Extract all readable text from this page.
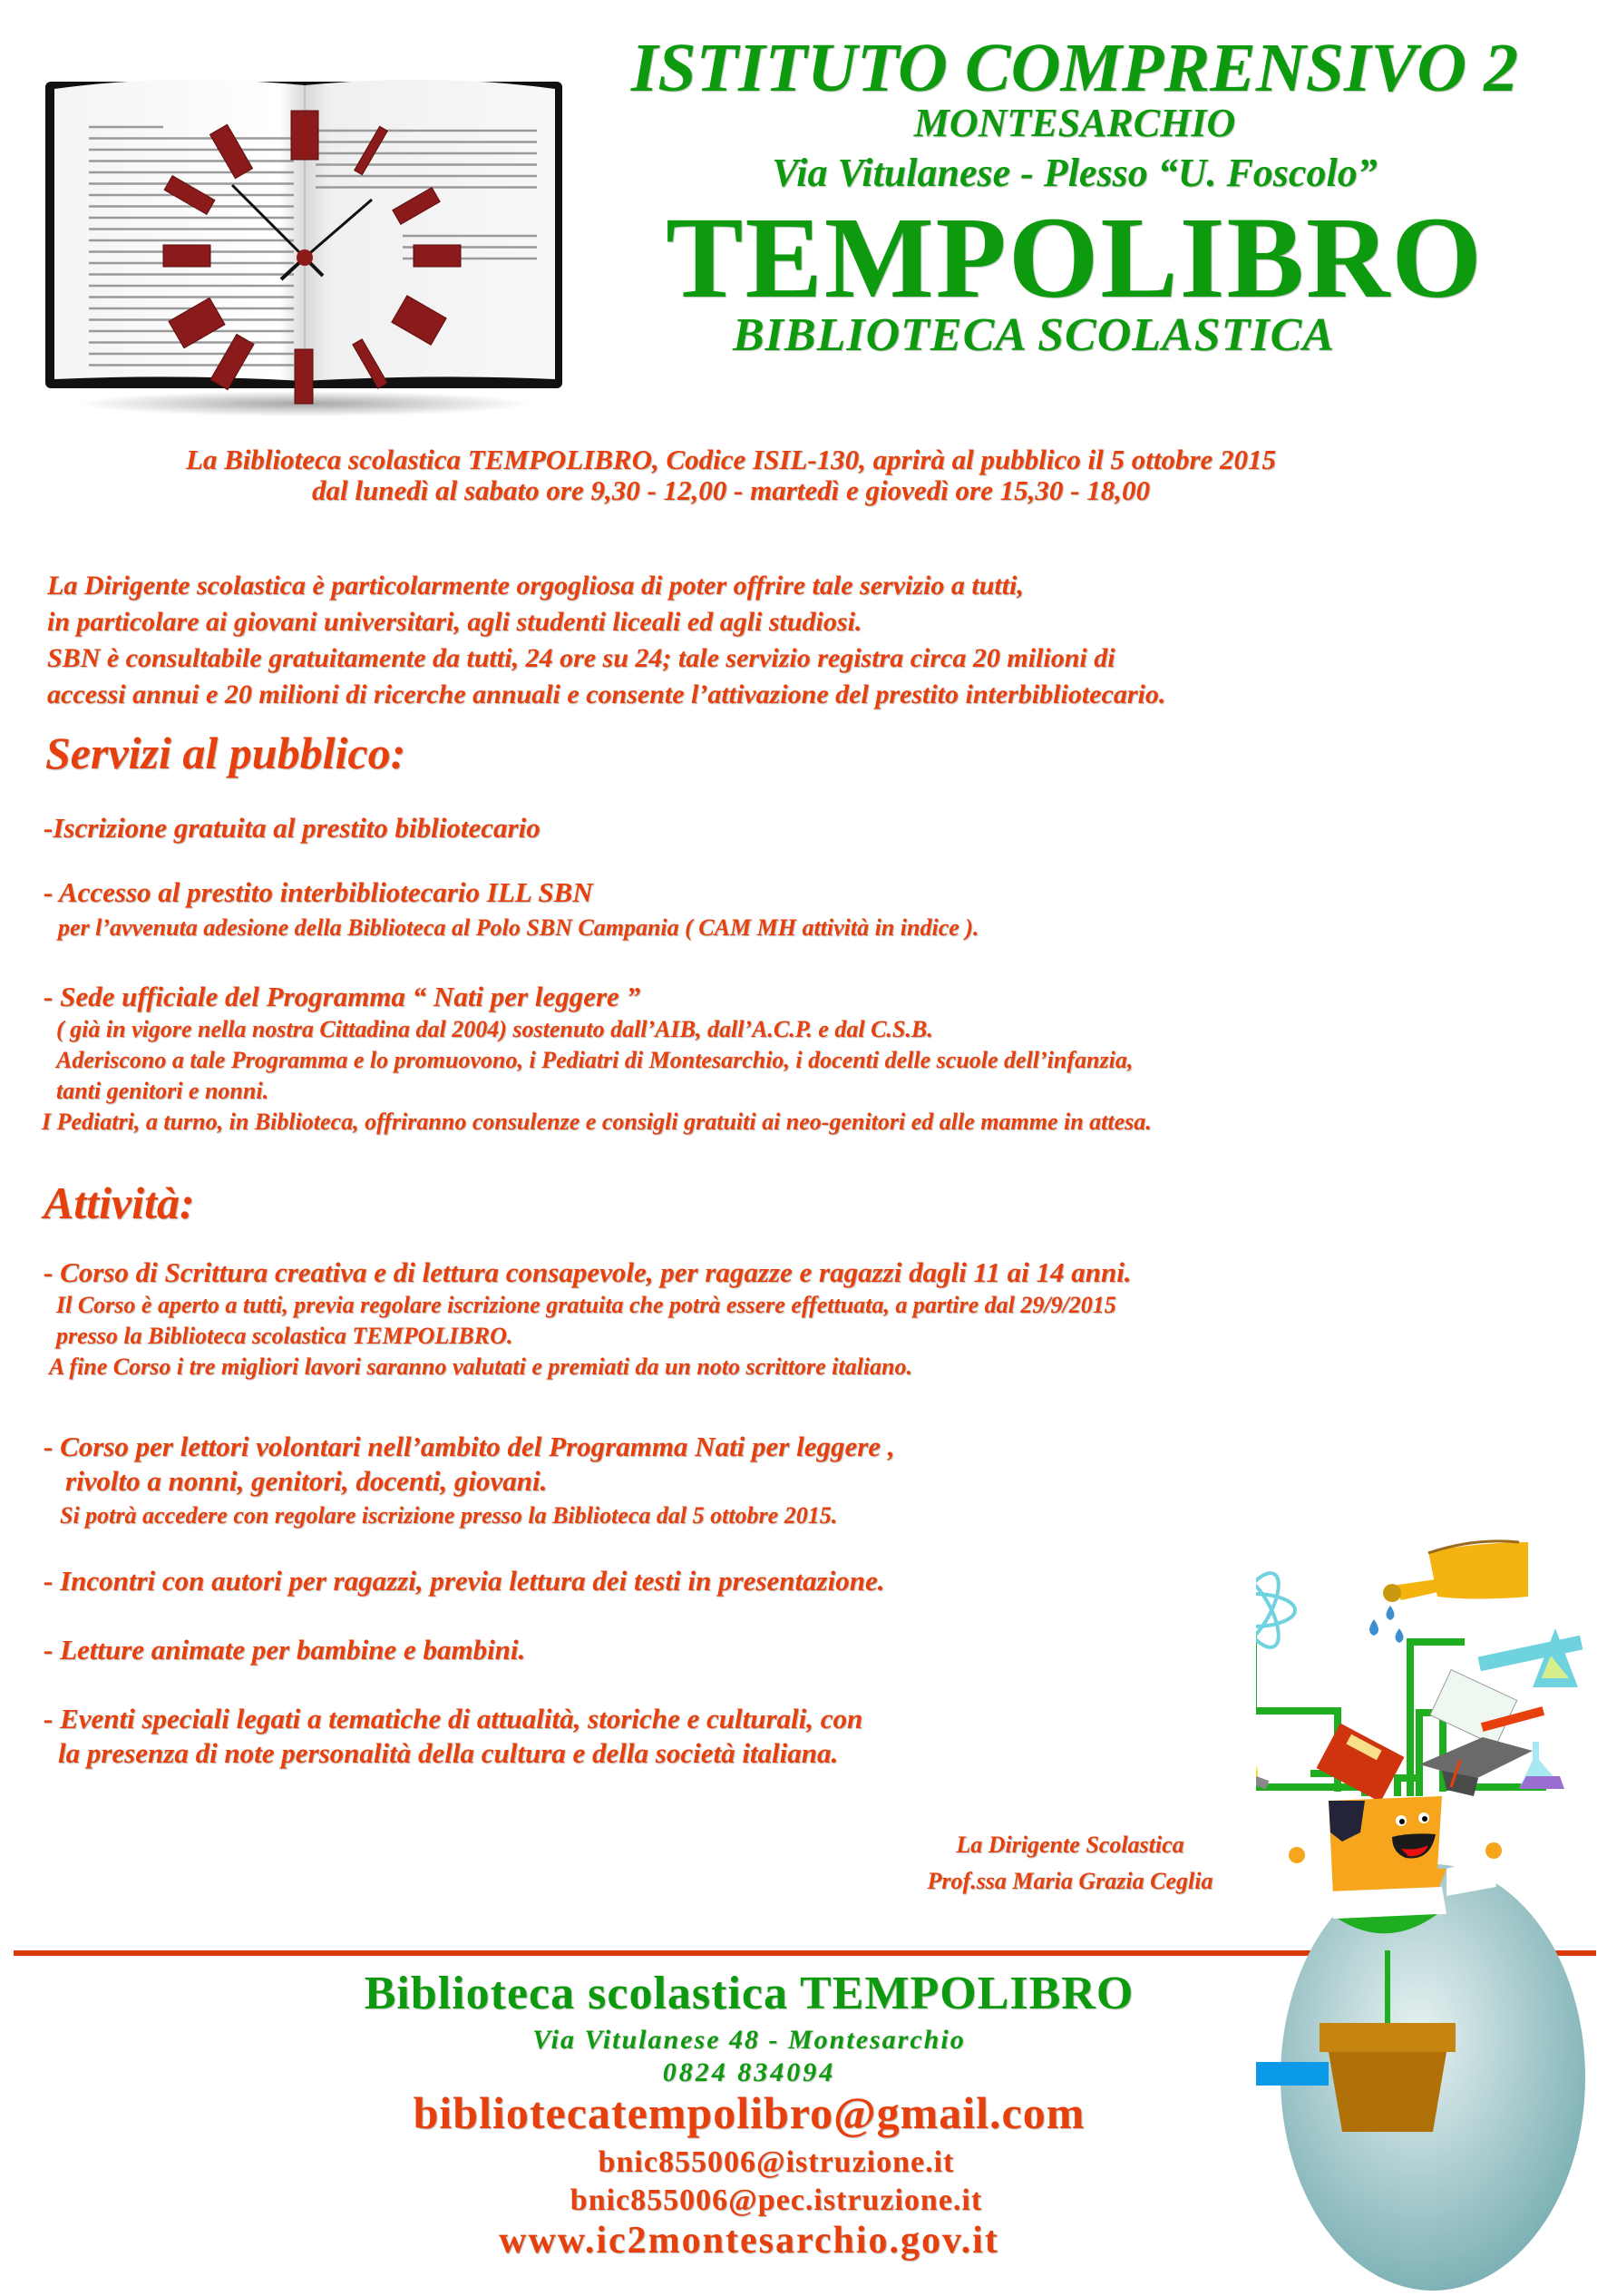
ISTITUTO COMPRENSIVO 2
MONTESARCHIO
Via Vitulanese - Plesso “U. Foscolo”
TEMPOLIBRO
BIBLIOTECA SCOLASTICA
La Biblioteca scolastica TEMPOLIBRO, Codice ISIL-130, aprirà al pubblico il 5 ottobre 2015
dal lunedì al sabato ore 9,30 - 12,00 - martedì e giovedì ore 15,30 - 18,00
La Dirigente scolastica è particolarmente orgogliosa di poter offrire tale servizio a tutti,
in particolare ai giovani universitari, agli studenti liceali ed agli studiosi.
SBN è consultabile gratuitamente da tutti, 24 ore su 24; tale servizio registra circa 20 milioni di
accessi annui e 20 milioni di ricerche annuali e consente l’attivazione del prestito interbibliotecario.
Servizi al pubblico:
-Iscrizione gratuita al prestito bibliotecario
- Accesso al prestito interbibliotecario ILL SBN
per l’avvenuta adesione della Biblioteca al Polo SBN Campania ( CAM MH attività in indice ).
- Sede ufficiale del Programma “ Nati per leggere ”
( già in vigore nella nostra Cittadina dal 2004) sostenuto dall’AIB, dall’A.C.P. e dal C.S.B.
Aderiscono a tale Programma e lo promuovono, i Pediatri di Montesarchio, i docenti delle scuole dell’infanzia,
tanti genitori e nonni.
I Pediatri, a turno, in Biblioteca, offriranno consulenze e consigli gratuiti ai neo-genitori ed alle mamme in attesa.
Attività:
- Corso di Scrittura creativa e di lettura consapevole, per ragazze e ragazzi dagli 11 ai 14 anni.
Il Corso è aperto a tutti, previa regolare iscrizione gratuita che potrà essere effettuata, a partire dal 29/9/2015
presso la Biblioteca scolastica TEMPOLIBRO.
A fine Corso i tre migliori lavori saranno valutati e premiati da un noto scrittore italiano.
- Corso per lettori volontari nell’ambito del Programma Nati per leggere ,
rivolto a nonni, genitori, docenti, giovani.
Si potrà accedere con regolare iscrizione presso la Biblioteca dal 5 ottobre 2015.
- Incontri con autori per ragazzi, previa lettura dei testi in presentazione.
- Letture animate per bambine e bambini.
- Eventi speciali legati a tematiche di attualità, storiche e culturali, con
la presenza di note personalità della cultura e della società italiana.
La Dirigente Scolastica
Prof.ssa Maria Grazia Ceglia
Biblioteca scolastica TEMPOLIBRO
Via Vitulanese 48 - Montesarchio
0824 834094
bibliotecatempolibro@gmail.com
bnic855006@istruzione.it
bnic855006@pec.istruzione.it
www.ic2montesarchio.gov.it
